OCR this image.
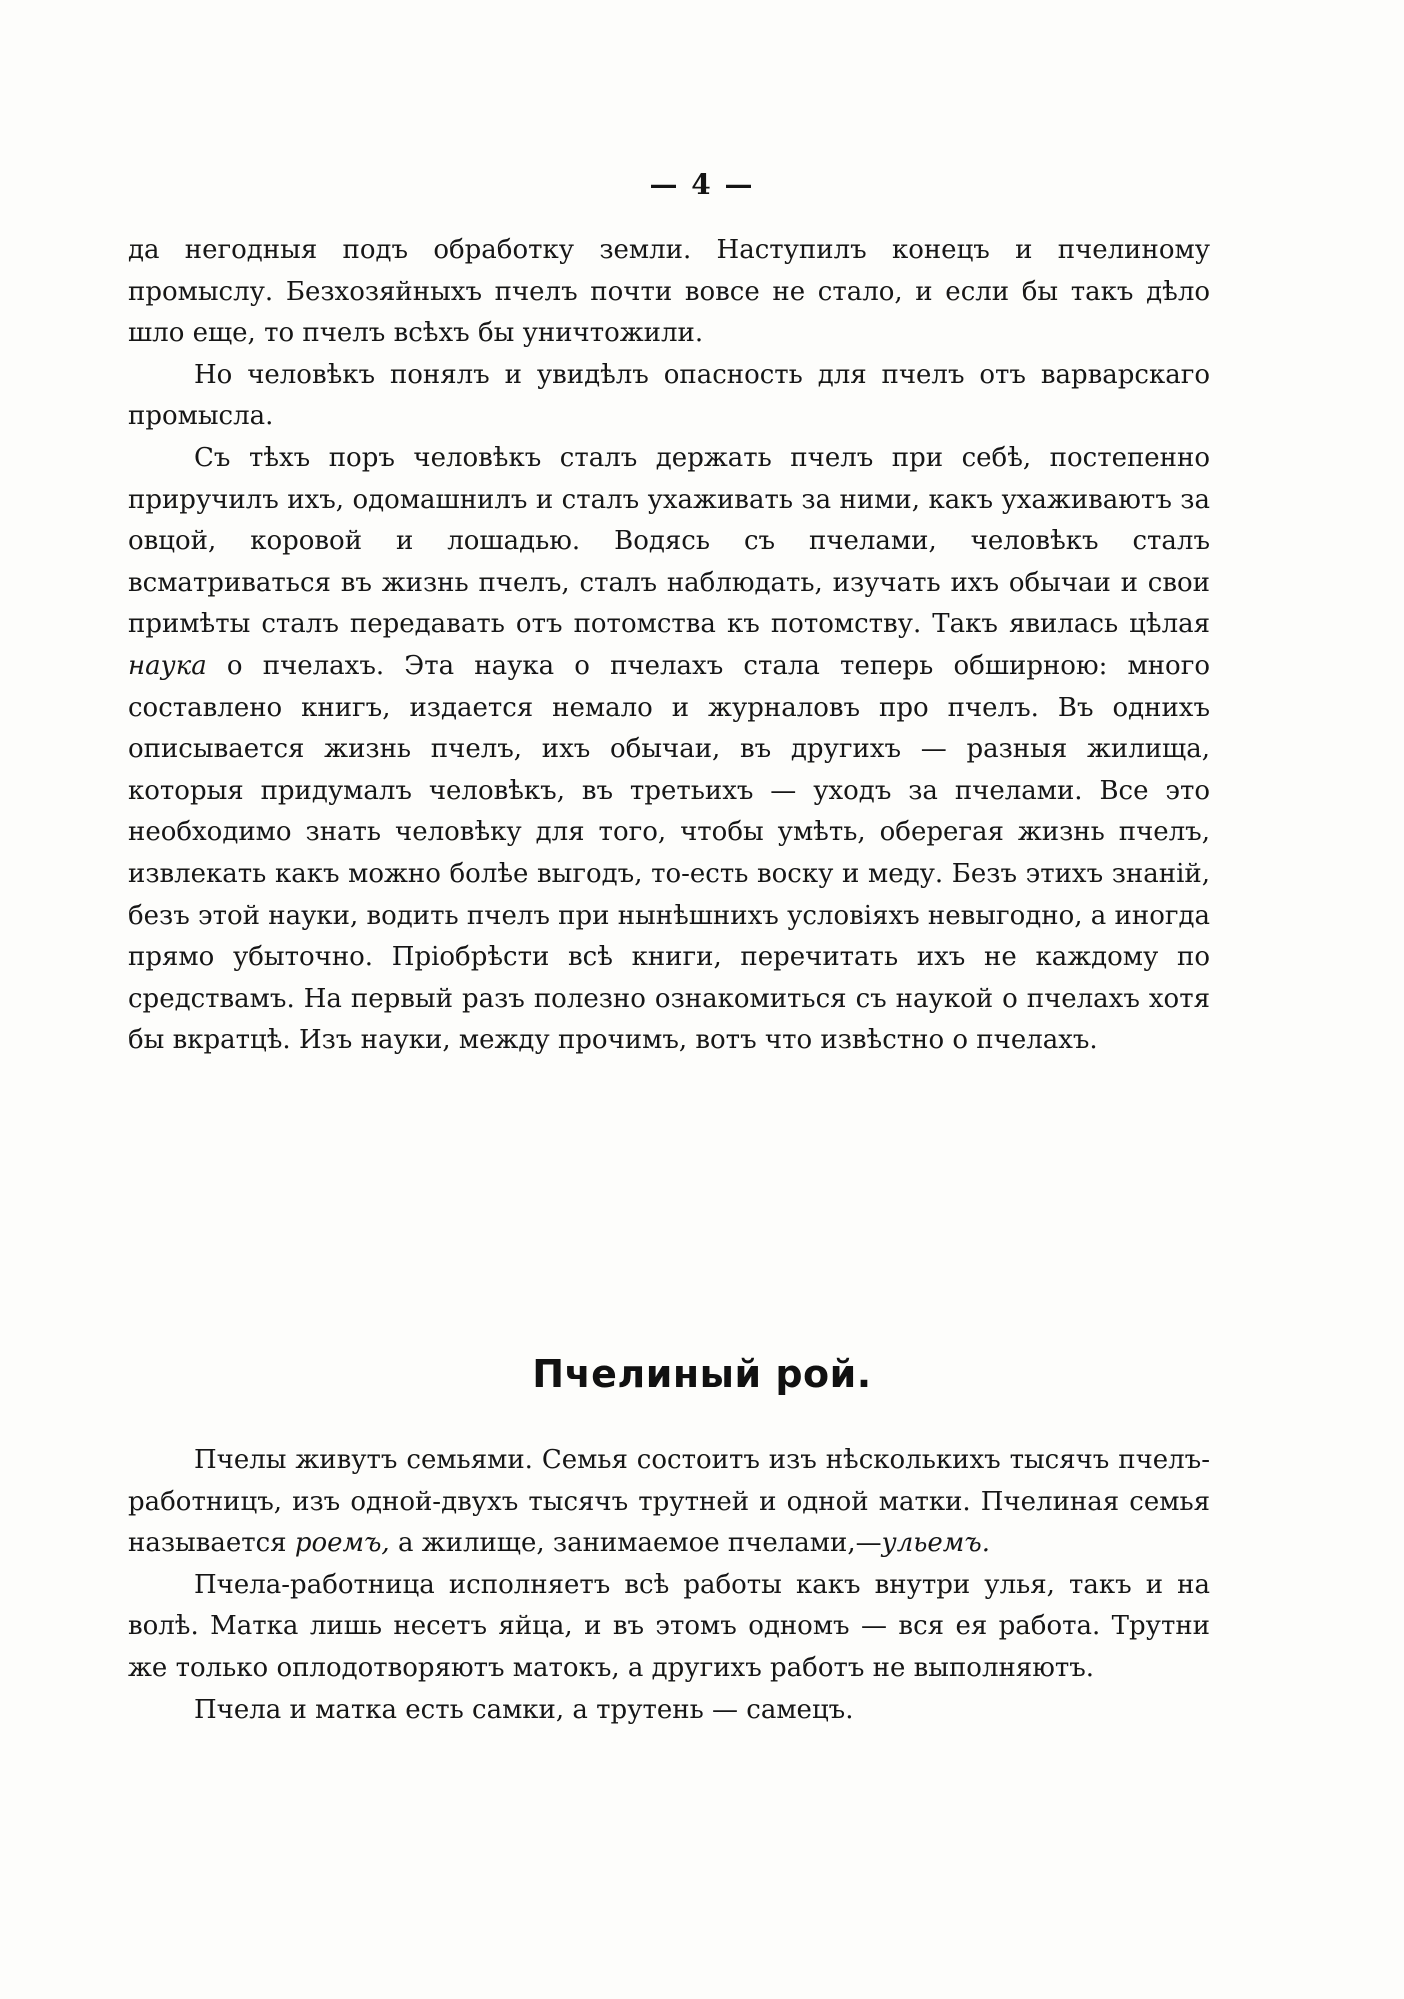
— 4 —

да негодныя подъ обработку земли. Наступилъ конецъ и пчелиному промыслу. Безхозяйныхъ пчелъ почти вовсе не стало, и если бы такъ дѣло шло еще, то пчелъ всѣхъ бы уничтожили.

Но человѣкъ понялъ и увидѣлъ опасность для пчелъ отъ варварскаго промысла.

Съ тѣхъ поръ человѣкъ сталъ держать пчелъ при себѣ, постепенно приручилъ ихъ, одомашнилъ и сталъ ухаживать за ними, какъ ухаживаютъ за овцой, коровой и лошадью. Водясь съ пчелами, человѣкъ сталъ всматриваться въ жизнь пчелъ, сталъ наблюдать, изучать ихъ обычаи и свои примѣты сталъ передавать отъ потомства къ потомству. Такъ явилась цѣлая наука о пчелахъ. Эта наука о пчелахъ стала теперь обширною: много составлено книгъ, издается немало и журналовъ про пчелъ. Въ однихъ описывается жизнь пчелъ, ихъ обычаи, въ другихъ — разныя жилища, которыя придумалъ человѣкъ, въ третьихъ — уходъ за пчелами. Все это необходимо знать человѣку для того, чтобы умѣть, оберегая жизнь пчелъ, извлекать какъ можно болѣе выгодъ, то-есть воску и меду. Безъ этихъ знаній, безъ этой науки, водить пчелъ при нынѣшнихъ условіяхъ невыгодно, а иногда прямо убыточно. Пріобрѣсти всѣ книги, перечитать ихъ не каждому по средствамъ. На первый разъ полезно ознакомиться съ наукой о пчелахъ хотя бы вкратцѣ. Изъ науки, между прочимъ, вотъ что извѣстно о пчелахъ.

Пчелиный рой.

Пчелы живутъ семьями. Семья состоитъ изъ нѣсколькихъ тысячъ пчелъ-работницъ, изъ одной-двухъ тысячъ трутней и одной матки. Пчелиная семья называется роемъ, а жилище, занимаемое пчелами,—ульемъ.

Пчела-работница исполняетъ всѣ работы какъ внутри улья, такъ и на волѣ. Матка лишь несетъ яйца, и въ этомъ одномъ — вся ея работа. Трутни же только оплодотворяютъ матокъ, а другихъ работъ не выполняютъ.

Пчела и матка есть самки, а трутень — самецъ.
